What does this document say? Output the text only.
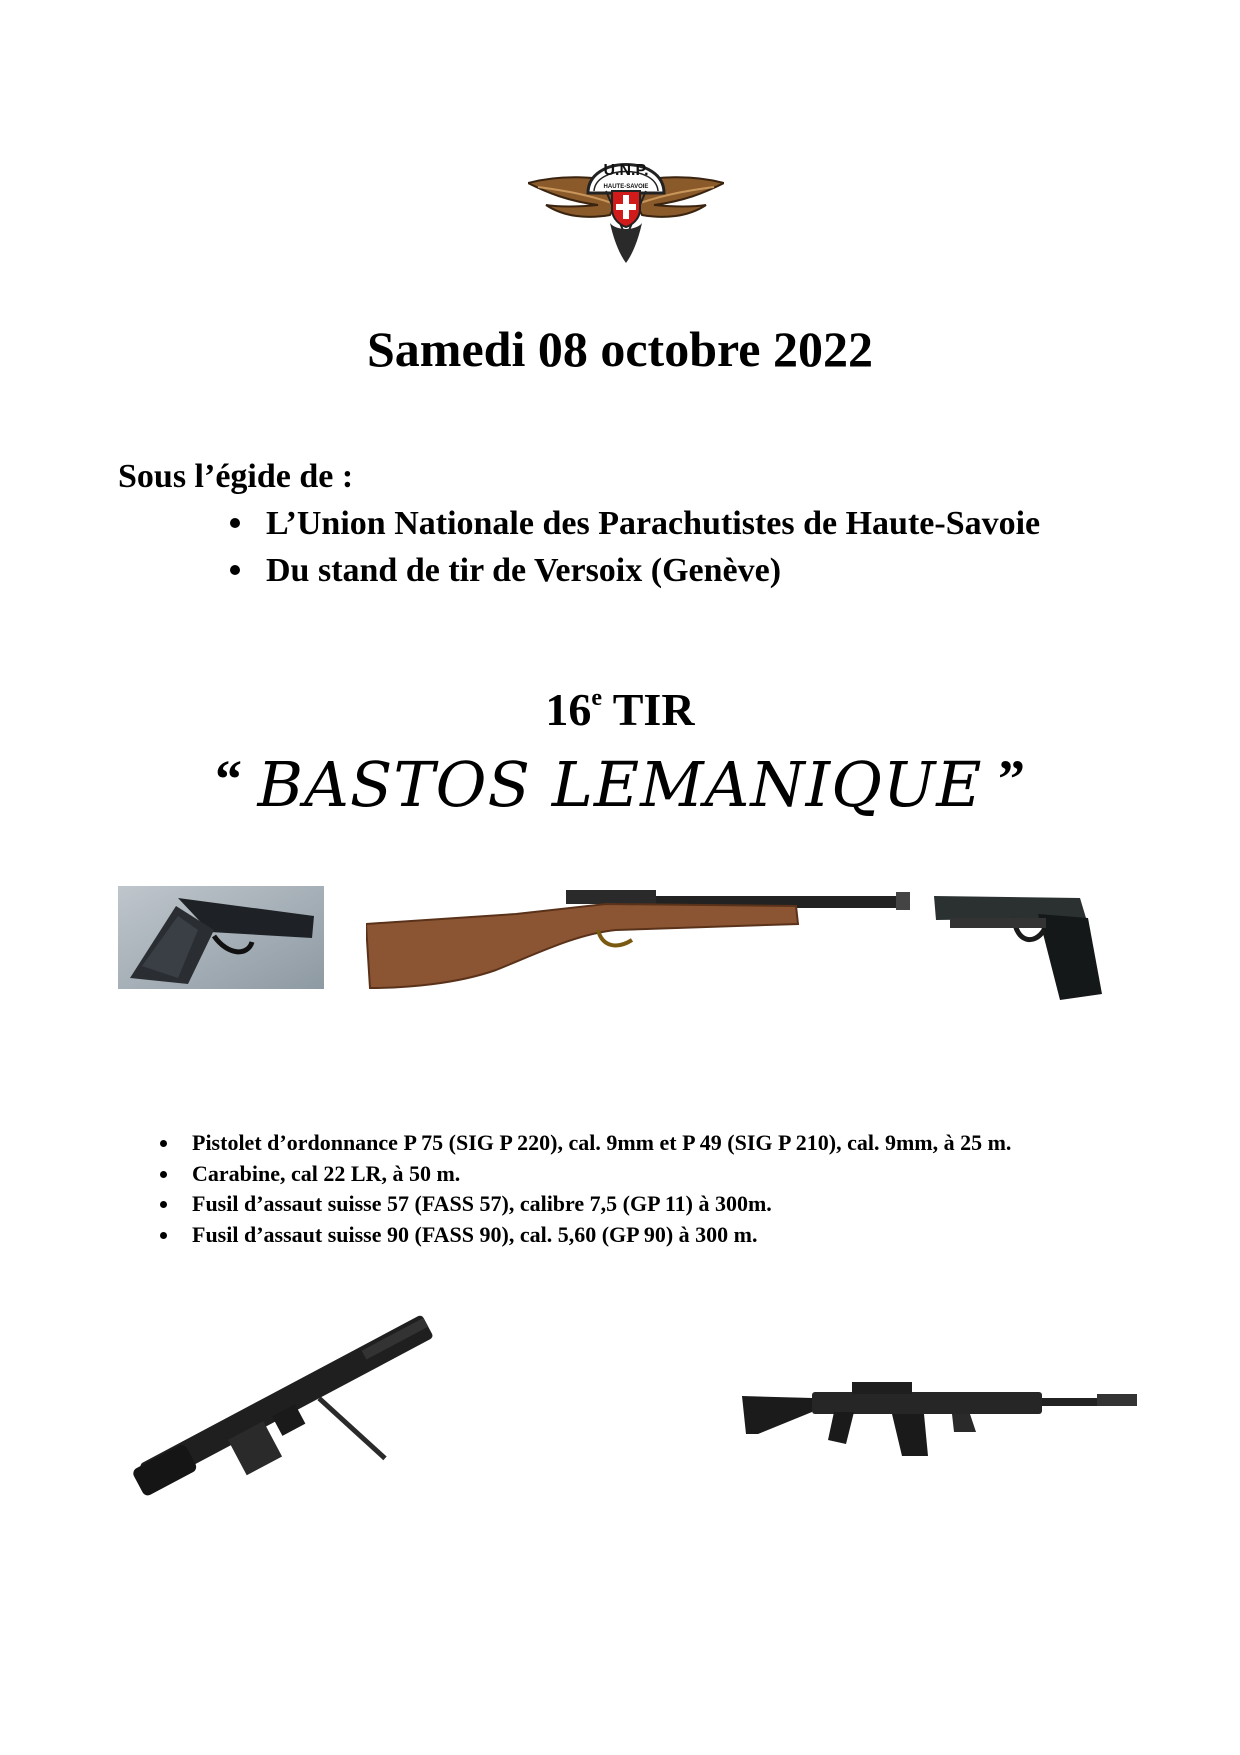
U.N.P.
HAUTE-SAVOIE
Samedi 08 octobre 2022
Sous l’égide de :
L’Union Nationale des Parachutistes de Haute-Savoie
Du stand de tir de Versoix (Genève)
16e TIR
“ BASTOS LEMANIQUE ”
Pistolet d’ordonnance P 75 (SIG P 220), cal. 9mm et P 49 (SIG P 210), cal. 9mm, à 25 m.
Carabine, cal 22 LR, à 50 m.
Fusil d’assaut suisse 57 (FASS 57), calibre 7,5 (GP 11) à 300m.
Fusil d’assaut suisse 90 (FASS 90), cal. 5,60 (GP 90) à 300 m.
